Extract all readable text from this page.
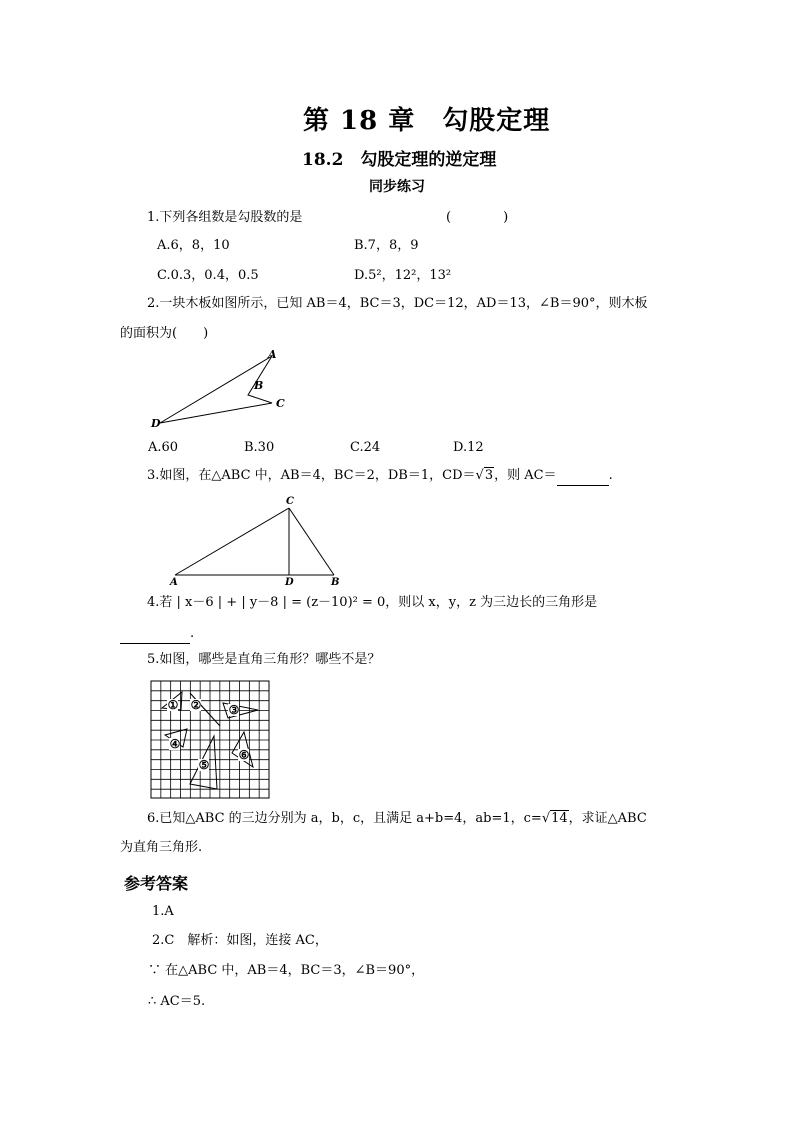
第 18 章　勾股定理
18.2　勾股定理的逆定理
同步练习
1.下列各组数是勾股数的是	(　　　　)
A.6，8，10	B.7，8，9
C.0.3，0.4，0.5	D.5²，12²，13²
2.一块木板如图所示，已知 AB＝4，BC＝3，DC＝12，AD＝13，∠B＝90°，则木板
的面积为(　　)
A
B
C
D
A.60	B.30	C.24	D.12
3.如图，在△ABC 中，AB＝4，BC＝2，DB＝1，CD＝√3，则 AC＝	.
C
A	D	B
4.若 | x－6 | + | y－8 | = (z－10)² = 0，则以 x，y，z 为三边长的三角形是
.
5.如图，哪些是直角三角形？哪些不是？
① ② ③
④
⑤
⑥
6.已知△ABC 的三边分别为 a，b，c，且满足 a+b=4，ab=1，c=√14，求证△ABC
为直角三角形.
参考答案
1.A
2.C　解析：如图，连接 AC，
∵ 在△ABC 中，AB＝4，BC＝3，∠B＝90°，
∴ AC＝5.
